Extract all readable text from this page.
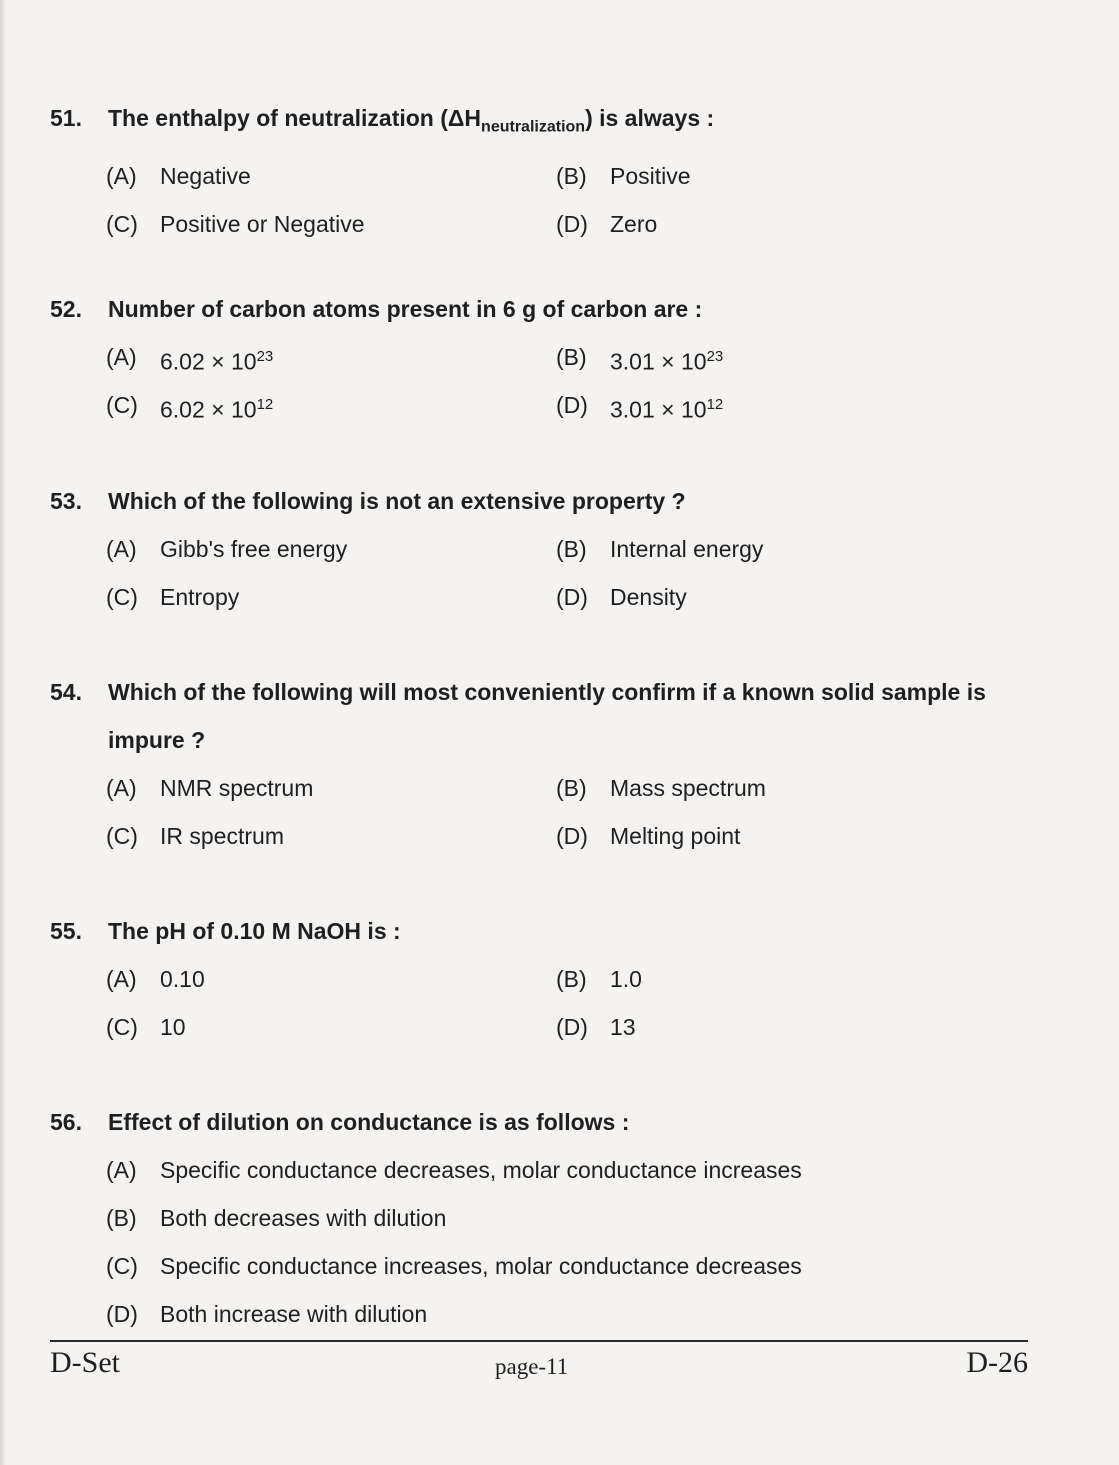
51.	The enthalpy of neutralization $(\Delta H_{neutralization})$ is always :
(A)	Negative	(B)	Positive
(C) Positive or Negative	(D) Zero
52.	Number of carbon atoms present in 6 g of carbon are :
(A)	$6.02 \times 10^{23}$	(B)	$3.01 \times 10^{23}$
(C) $6.02 \times 10^{12}$	(D) $3.01 \times 10^{12}$
53.	Which of the following is not an extensive property ?
(A)	Gibb's free energy	(B)	Internal energy
(C) Entropy	(D) Density
54.	Which of the following will most conveniently confirm if a known solid sample is impure ?
(A)	NMR spectrum	(B)	Mass spectrum
(C) IR spectrum	(D) Melting point
55.	The pH of 0.10 M NaOH is :
(A)	0.10	(B)	1.0
(C) 10	(D) 13
56.	Effect of dilution on conductance is as follows :
(A)	Specific conductance decreases, molar conductance increases
(B)	Both decreases with dilution
(C) Specific conductance increases, molar conductance decreases
(D) Both increase with dilution
D-Set	page-11	D-26
